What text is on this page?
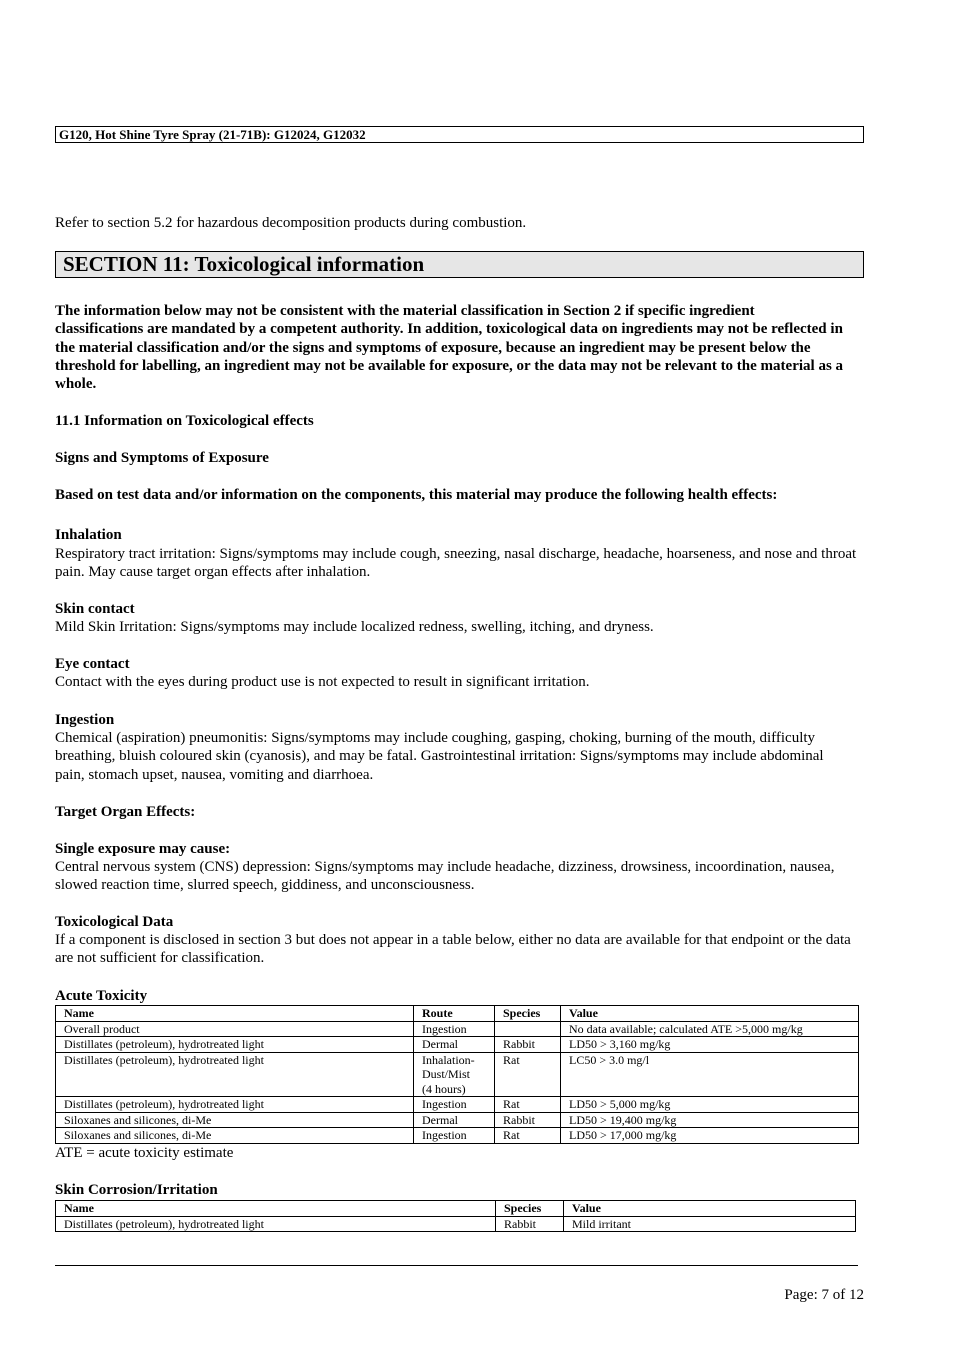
G120, Hot Shine Tyre Spray (21-71B): G12024, G12032

Refer to section 5.2 for hazardous decomposition products during combustion.

SECTION 11: Toxicological information

The information below may not be consistent with the material classification in Section 2 if specific ingredient classifications are mandated by a competent authority. In addition, toxicological data on ingredients may not be reflected in the material classification and/or the signs and symptoms of exposure, because an ingredient may be present below the threshold for labelling, an ingredient may not be available for exposure, or the data may not be relevant to the material as a whole.

11.1 Information on Toxicological effects

Signs and Symptoms of Exposure

Based on test data and/or information on the components, this material may produce the following health effects:

Inhalation

Respiratory tract irritation: Signs/symptoms may include cough, sneezing, nasal discharge, headache, hoarseness, and nose and throat pain. May cause target organ effects after inhalation.

Skin contact

Mild Skin Irritation: Signs/symptoms may include localized redness, swelling, itching, and dryness.

Eye contact

Contact with the eyes during product use is not expected to result in significant irritation.

Ingestion

Chemical (aspiration) pneumonitis: Signs/symptoms may include coughing, gasping, choking, burning of the mouth, difficulty breathing, bluish coloured skin (cyanosis), and may be fatal. Gastrointestinal irritation: Signs/symptoms may include abdominal pain, stomach upset, nausea, vomiting and diarrhoea.

Target Organ Effects:

Single exposure may cause:

Central nervous system (CNS) depression: Signs/symptoms may include headache, dizziness, drowsiness, incoordination, nausea, slowed reaction time, slurred speech, giddiness, and unconsciousness.

Toxicological Data

If a component is disclosed in section 3 but does not appear in a table below, either no data are available for that endpoint or the data are not sufficient for classification.

Acute Toxicity

Name	Route	Species	Value
Overall product	Ingestion		No data available; calculated ATE >5,000 mg/kg
Distillates (petroleum), hydrotreated light	Dermal	Rabbit	LD50 > 3,160 mg/kg
Distillates (petroleum), hydrotreated light	Inhalation-
Dust/Mist
(4 hours)	Rat	LC50 > 3.0 mg/l
Distillates (petroleum), hydrotreated light	Ingestion	Rat	LD50 > 5,000 mg/kg
Siloxanes and silicones, di-Me	Dermal	Rabbit	LD50 > 19,400 mg/kg
Siloxanes and silicones, di-Me	Ingestion	Rat	LD50 > 17,000 mg/kg

ATE = acute toxicity estimate

Skin Corrosion/Irritation

Name	Species	Value
Distillates (petroleum), hydrotreated light	Rabbit	Mild irritant
Page: 7 of 12
